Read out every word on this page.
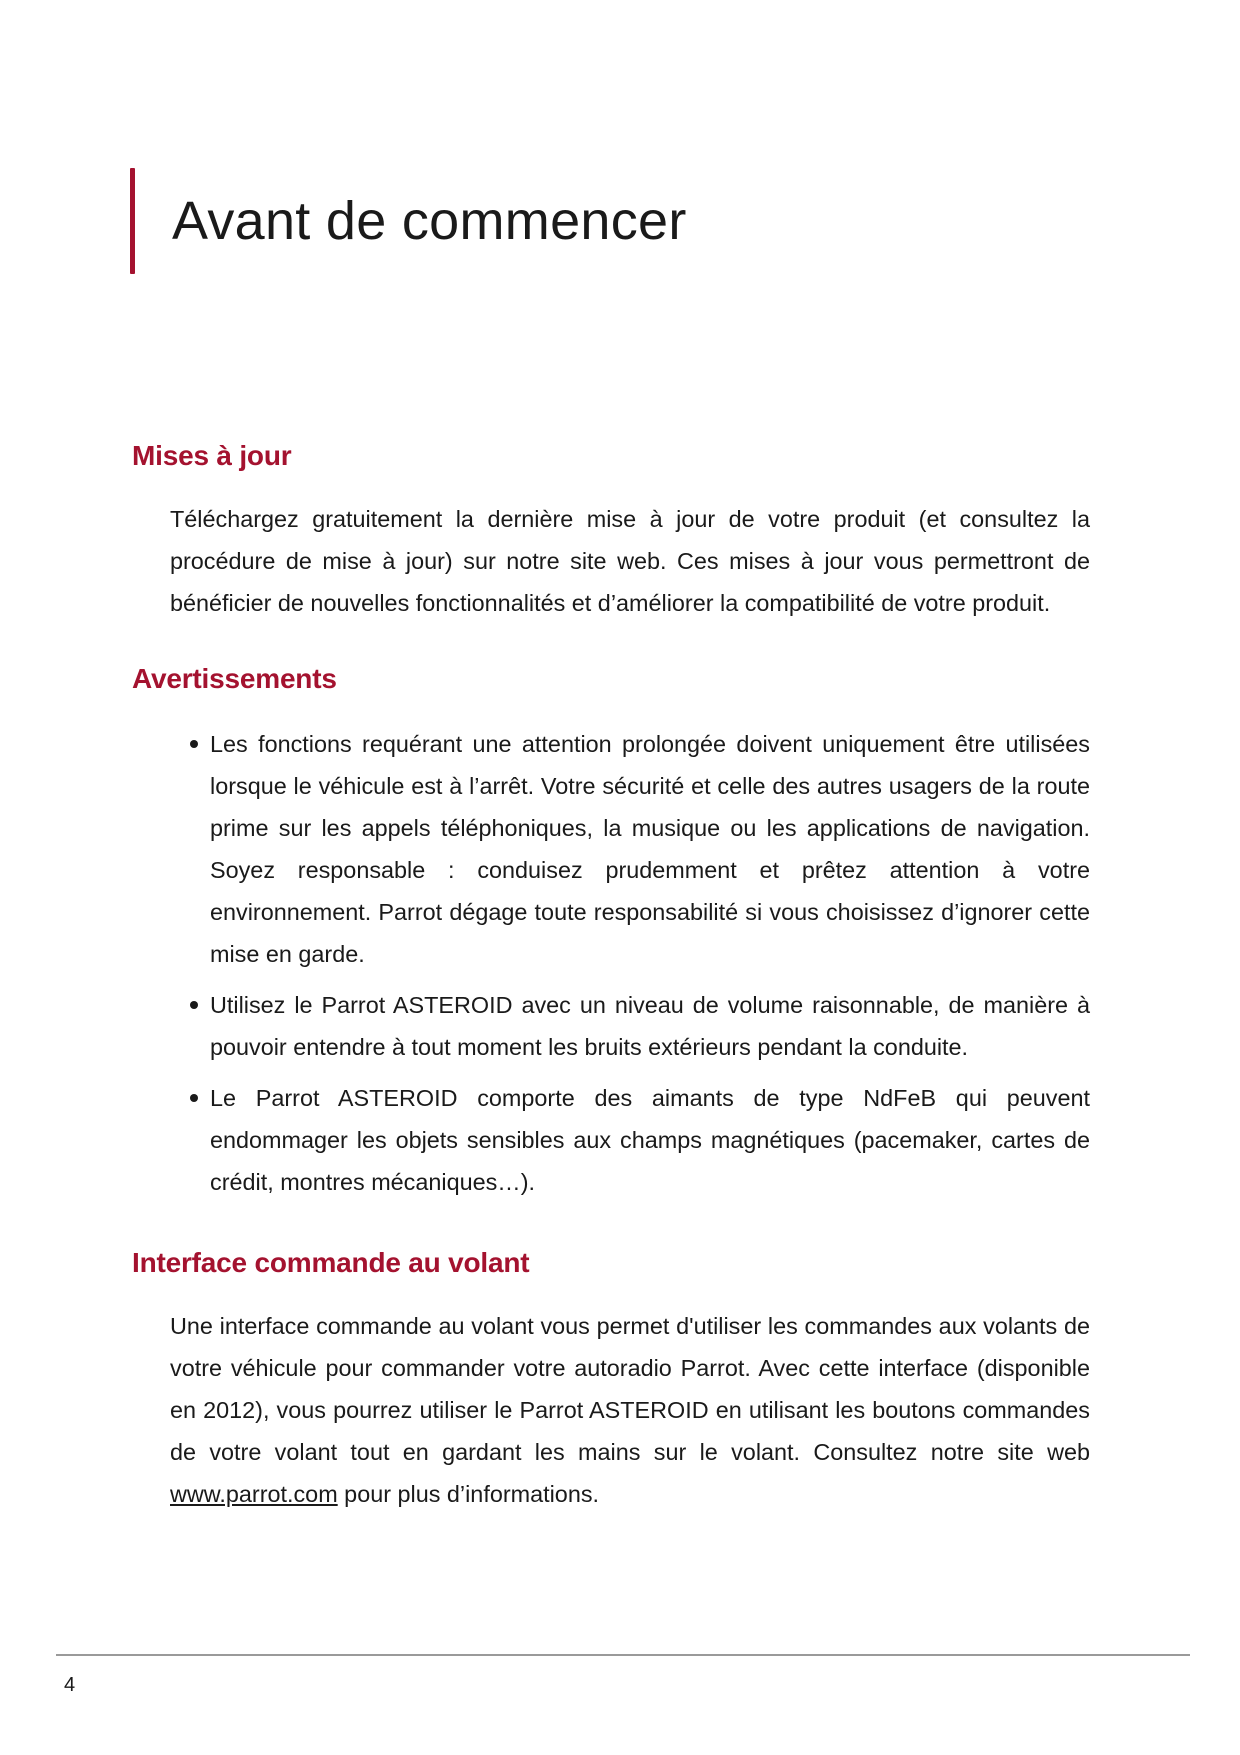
Avant de commencer
Mises à jour

Téléchargez gratuitement la dernière mise à jour de votre produit (et consultez la procédure de mise à jour) sur notre site web. Ces mises à jour vous permettront de bénéficier de nouvelles fonctionnalités et d’améliorer la compatibilité de votre produit.

Avertissements
Les fonctions requérant une attention prolongée doivent uniquement être utilisées lorsque le véhicule est à l’arrêt. Votre sécurité et celle des autres usagers de la route prime sur les appels téléphoniques, la musique ou les applications de navigation. Soyez responsable : conduisez prudemment et prêtez attention à votre environnement. Parrot dégage toute responsabilité si vous choisissez d’ignorer cette mise en garde.
Utilisez le Parrot ASTEROID avec un niveau de volume raisonnable, de manière à pouvoir entendre à tout moment les bruits extérieurs pendant la conduite.
Le Parrot ASTEROID comporte des aimants de type NdFeB qui peuvent endommager les objets sensibles aux champs magnétiques (pacemaker, cartes de crédit, montres mécaniques…).
Interface commande au volant

Une interface commande au volant vous permet d'utiliser les commandes aux volants de votre véhicule pour commander votre autoradio Parrot. Avec cette interface (disponible en 2012), vous pourrez utiliser le Parrot ASTEROID en utilisant les boutons commandes de votre volant tout en gardant les mains sur le volant. Consultez notre site web www.parrot.com pour plus d’informations.

4
